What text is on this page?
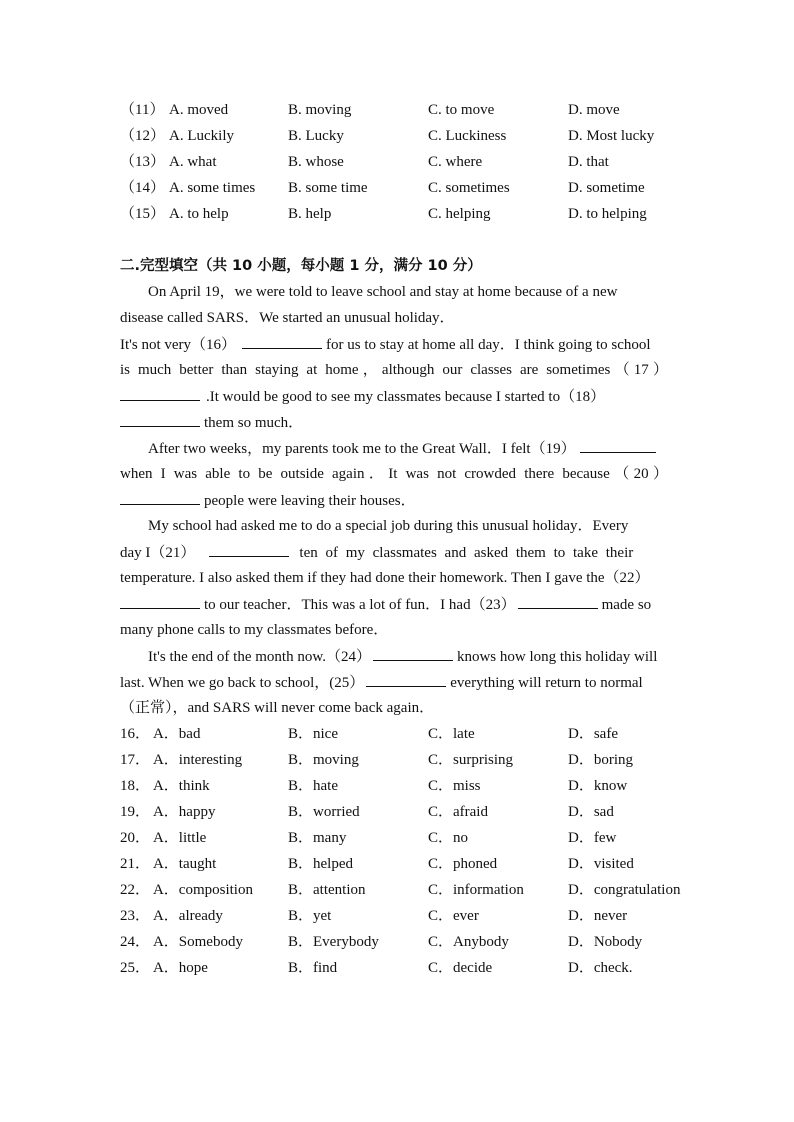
（11） A. moved	B. moving	C. to move	D. move
（12） A. Luckily	B. Lucky	C. Luckiness	D. Most lucky
（13） A. what	B. whose	C. where	D. that
（14） A. some times B. some time	C. sometimes	D. sometime
（15） A. to help	B. help	C. helping	D. to helping
二.完型填空（共 10 小题，每小题 1 分，满分 10 分）
On April 19，we were told to leave school and stay at home because of a new
disease called SARS．We started an unusual holiday．
It's not very（16）	for us to stay at home all day．I think going to school
is much better than staying at home，although our classes are sometimes（17）
.It would be good to see my classmates because I started to（18）
them so much．
After two weeks，my parents took me to the Great Wall．I felt（19）
when I was able to be outside again．It was not crowded there because（20）
people were leaving their houses．
My school had asked me to do a special job during this unusual holiday．Every
day I（21）	ten of my classmates and asked them to take their
temperature. I also asked them if they had done their homework. Then I gave the（22）
to our teacher．This was a lot of fun．I had（23）	made so
many phone calls to my classmates before．
It's the end of the month now.（24）	knows how long this holiday will
last. When we go back to school，(25）	everything will return to normal
（正常），and SARS will never come back again．
16． A．bad	B．nice	C．late	D．safe
17． A．interesting	B．moving	C．surprising	D．boring
18． A．think	B．hate	C．miss	D．know
19． A．happy	B．worried	C．afraid	D．sad
20． A．little	B．many	C．no	D．few
21． A．taught	B．helped	C．phoned	D．visited
22． A．composition B．attention	C．information	D．congratulation
23． A．already	B．yet	C．ever	D．never
24． A．Somebody	B．Everybody	C．Anybody	D．Nobody
25． A．hope	B．find	C．decide	D．check.
